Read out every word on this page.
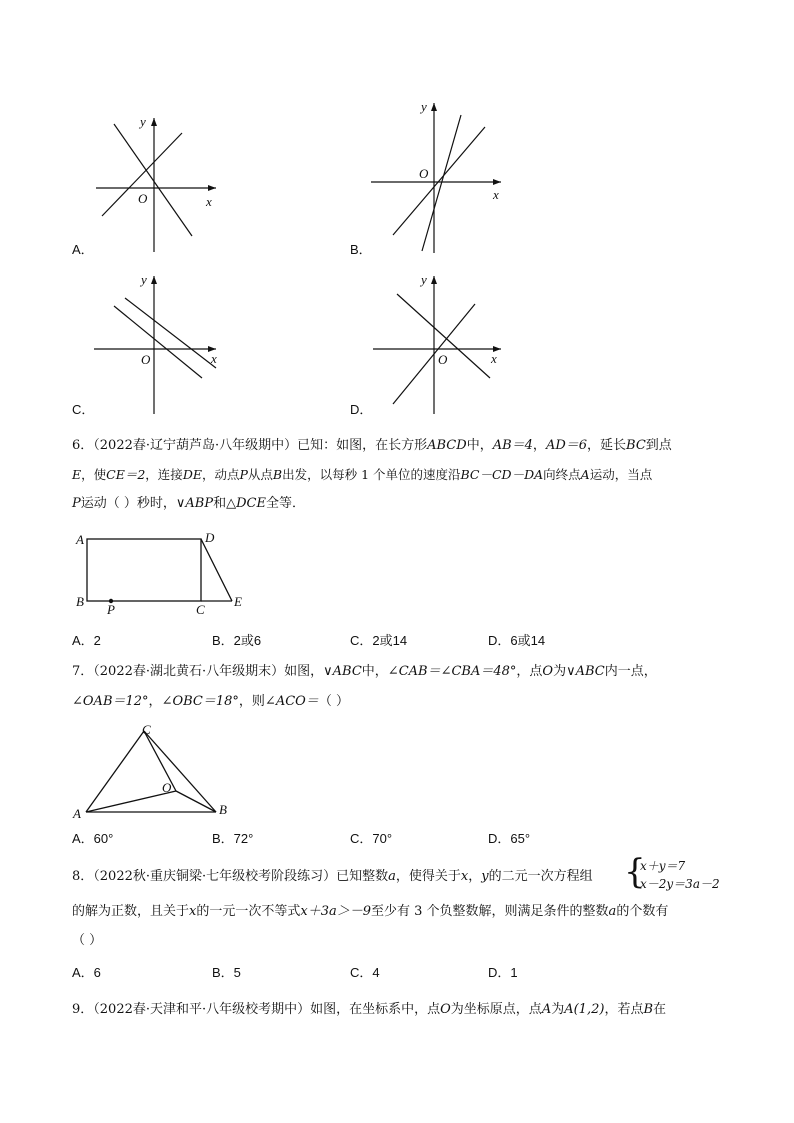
x
y
O
A．
x
y
O
B．
x
y
O
C．
x
y
O
D．
6．（2022春·辽宁葫芦岛·八年级期中）已知：如图，在长方形ABCD中，AB＝4，AD＝6，延长BC到点
E，使CE＝2，连接DE，动点P从点B出发，以每秒 1 个单位的速度沿BC－CD－DA向终点A运动，当点
P运动（ ）秒时，∨ABP和△DCE全等．
A
B
P	C
D
E
A．2	B．2或6	C．2或14	D．6或14
7．（2022春·湖北黄石·八年级期末）如图，∨ABC中，∠CAB＝∠CBA＝48°，点O为∨ABC内一点，
∠OAB＝12°，∠OBC＝18°，则∠ACO＝（ ）
C
O
A	B
A．60°	B．72°	C．70°	D．65°
8．（2022秋·重庆铜梁·七年级校考阶段练习）已知整数a，使得关于x，y的二元一次方程组 {
x＋y＝7
x－2y＝3a－2
的解为正数，且关于x的一元一次不等式x＋3a＞－9至少有 3 个负整数解，则满足条件的整数a的个数有
（ ）
A．6	B．5	C．4	D．1
9．（2022春·天津和平·八年级校考期中）如图，在坐标系中，点O为坐标原点，点A为A(1,2)，若点B在
